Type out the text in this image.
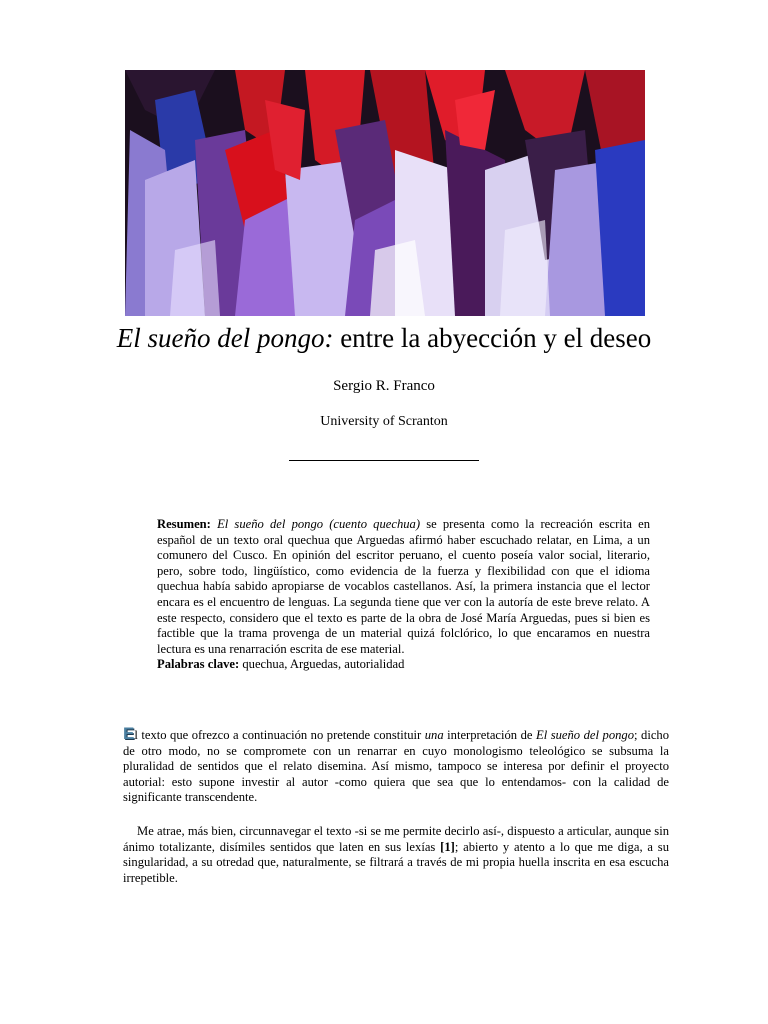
El sueño del pongo: entre la abyección y el deseo
Sergio R. Franco
University of Scranton
Resumen: El sueño del pongo (cuento quechua) se presenta como la recreación escrita en español de un texto oral quechua que Arguedas afirmó haber escuchado relatar, en Lima, a un comunero del Cusco. En opinión del escritor peruano, el cuento poseía valor social, literario, pero, sobre todo, lingüístico, como evidencia de la fuerza y flexibilidad con que el idioma quechua había sabido apropiarse de vocablos castellanos. Así, la primera instancia que el lector encara es el encuentro de lenguas. La segunda tiene que ver con la autoría de este breve relato. A este respecto, considero que el texto es parte de la obra de José María Arguedas, pues si bien es factible que la trama provenga de un material quizá folclórico, lo que encaramos en nuestra lectura es una renarración escrita de ese material.
Palabras clave: quechua, Arguedas, autorialidad
El texto que ofrezco a continuación no pretende constituir una interpretación de El sueño del pongo; dicho de otro modo, no se compromete con un renarrar en cuyo monologismo teleológico se subsuma la pluralidad de sentidos que el relato disemina. Así mismo, tampoco se interesa por definir el proyecto autorial: esto supone investir al autor -como quiera que sea que lo entendamos- con la calidad de significante transcendente.
Me atrae, más bien, circunnavegar el texto -si se me permite decirlo así-, dispuesto a articular, aunque sin ánimo totalizante, disímiles sentidos que laten en sus lexías [1]; abierto y atento a lo que me diga, a su singularidad, a su otredad que, naturalmente, se filtrará a través de mi propia huella inscrita en esa escucha irrepetible.
